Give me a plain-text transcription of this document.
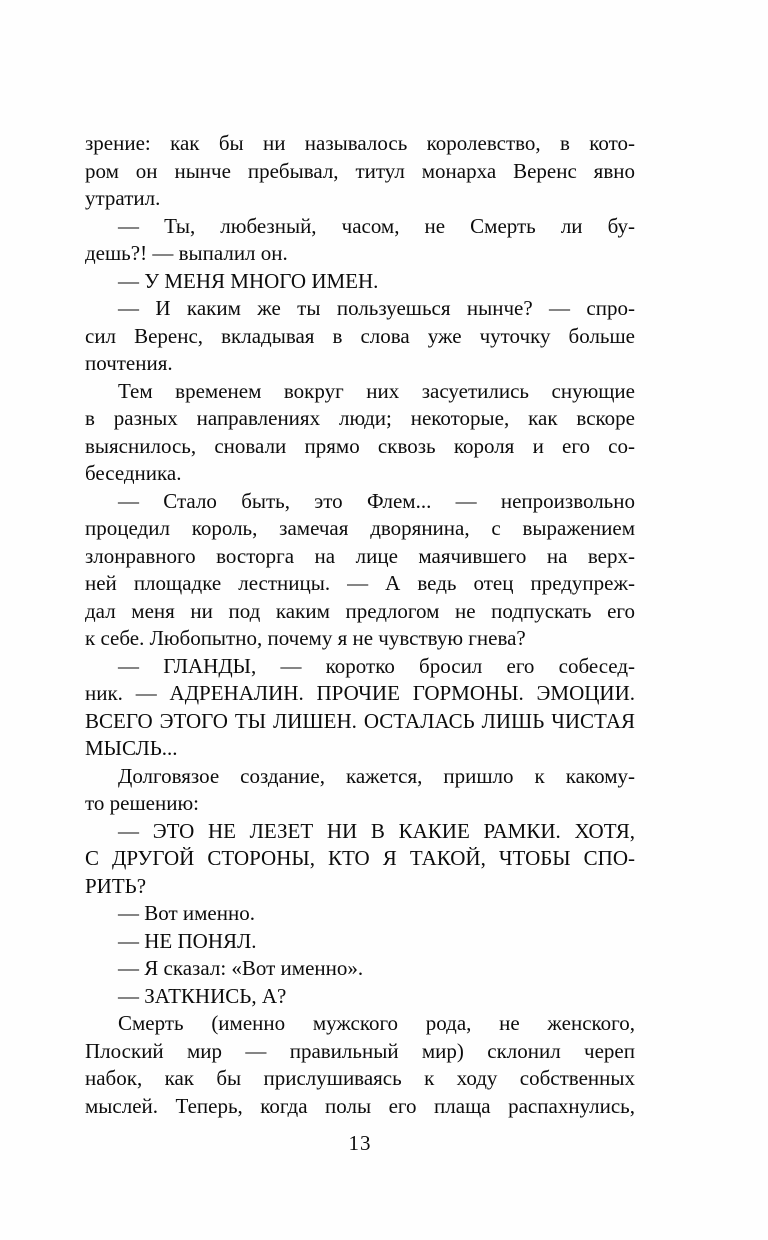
зрение: как бы ни называлось королевство, в кото-
ром он нынче пребывал, титул монарха Веренс явно
утратил.
— Ты, любезный, часом, не Смерть ли бу-
дешь?! — выпалил он.
— У МЕНЯ МНОГО ИМЕН.
— И каким же ты пользуешься нынче? — спро-
сил Веренс, вкладывая в слова уже чуточку больше
почтения.
Тем временем вокруг них засуетились снующие
в разных направлениях люди; некоторые, как вскоре
выяснилось, сновали прямо сквозь короля и его со-
беседника.
— Стало быть, это Флем... — непроизвольно
процедил король, замечая дворянина, с выражением
злонравного восторга на лице маячившего на верх-
ней площадке лестницы. — А ведь отец предупреж-
дал меня ни под каким предлогом не подпускать его
к себе. Любопытно, почему я не чувствую гнева?
— ГЛАНДЫ, — коротко бросил его собесед-
ник. — АДРЕНАЛИН. ПРОЧИЕ ГОРМОНЫ. ЭМОЦИИ.
ВСЕГО ЭТОГО ТЫ ЛИШЕН. ОСТАЛАСЬ ЛИШЬ ЧИСТАЯ
МЫСЛЬ...
Долговязое создание, кажется, пришло к какому-
то решению:
— ЭТО НЕ ЛЕЗЕТ НИ В КАКИЕ РАМКИ. ХОТЯ,
С ДРУГОЙ СТОРОНЫ, КТО Я ТАКОЙ, ЧТОБЫ СПО-
РИТЬ?
— Вот именно.
— НЕ ПОНЯЛ.
— Я сказал: «Вот именно».
— ЗАТКНИСЬ, А?
Смерть (именно мужского рода, не женского,
Плоский мир — правильный мир) склонил череп
набок, как бы прислушиваясь к ходу собственных
мыслей. Теперь, когда полы его плаща распахнулись,
13
